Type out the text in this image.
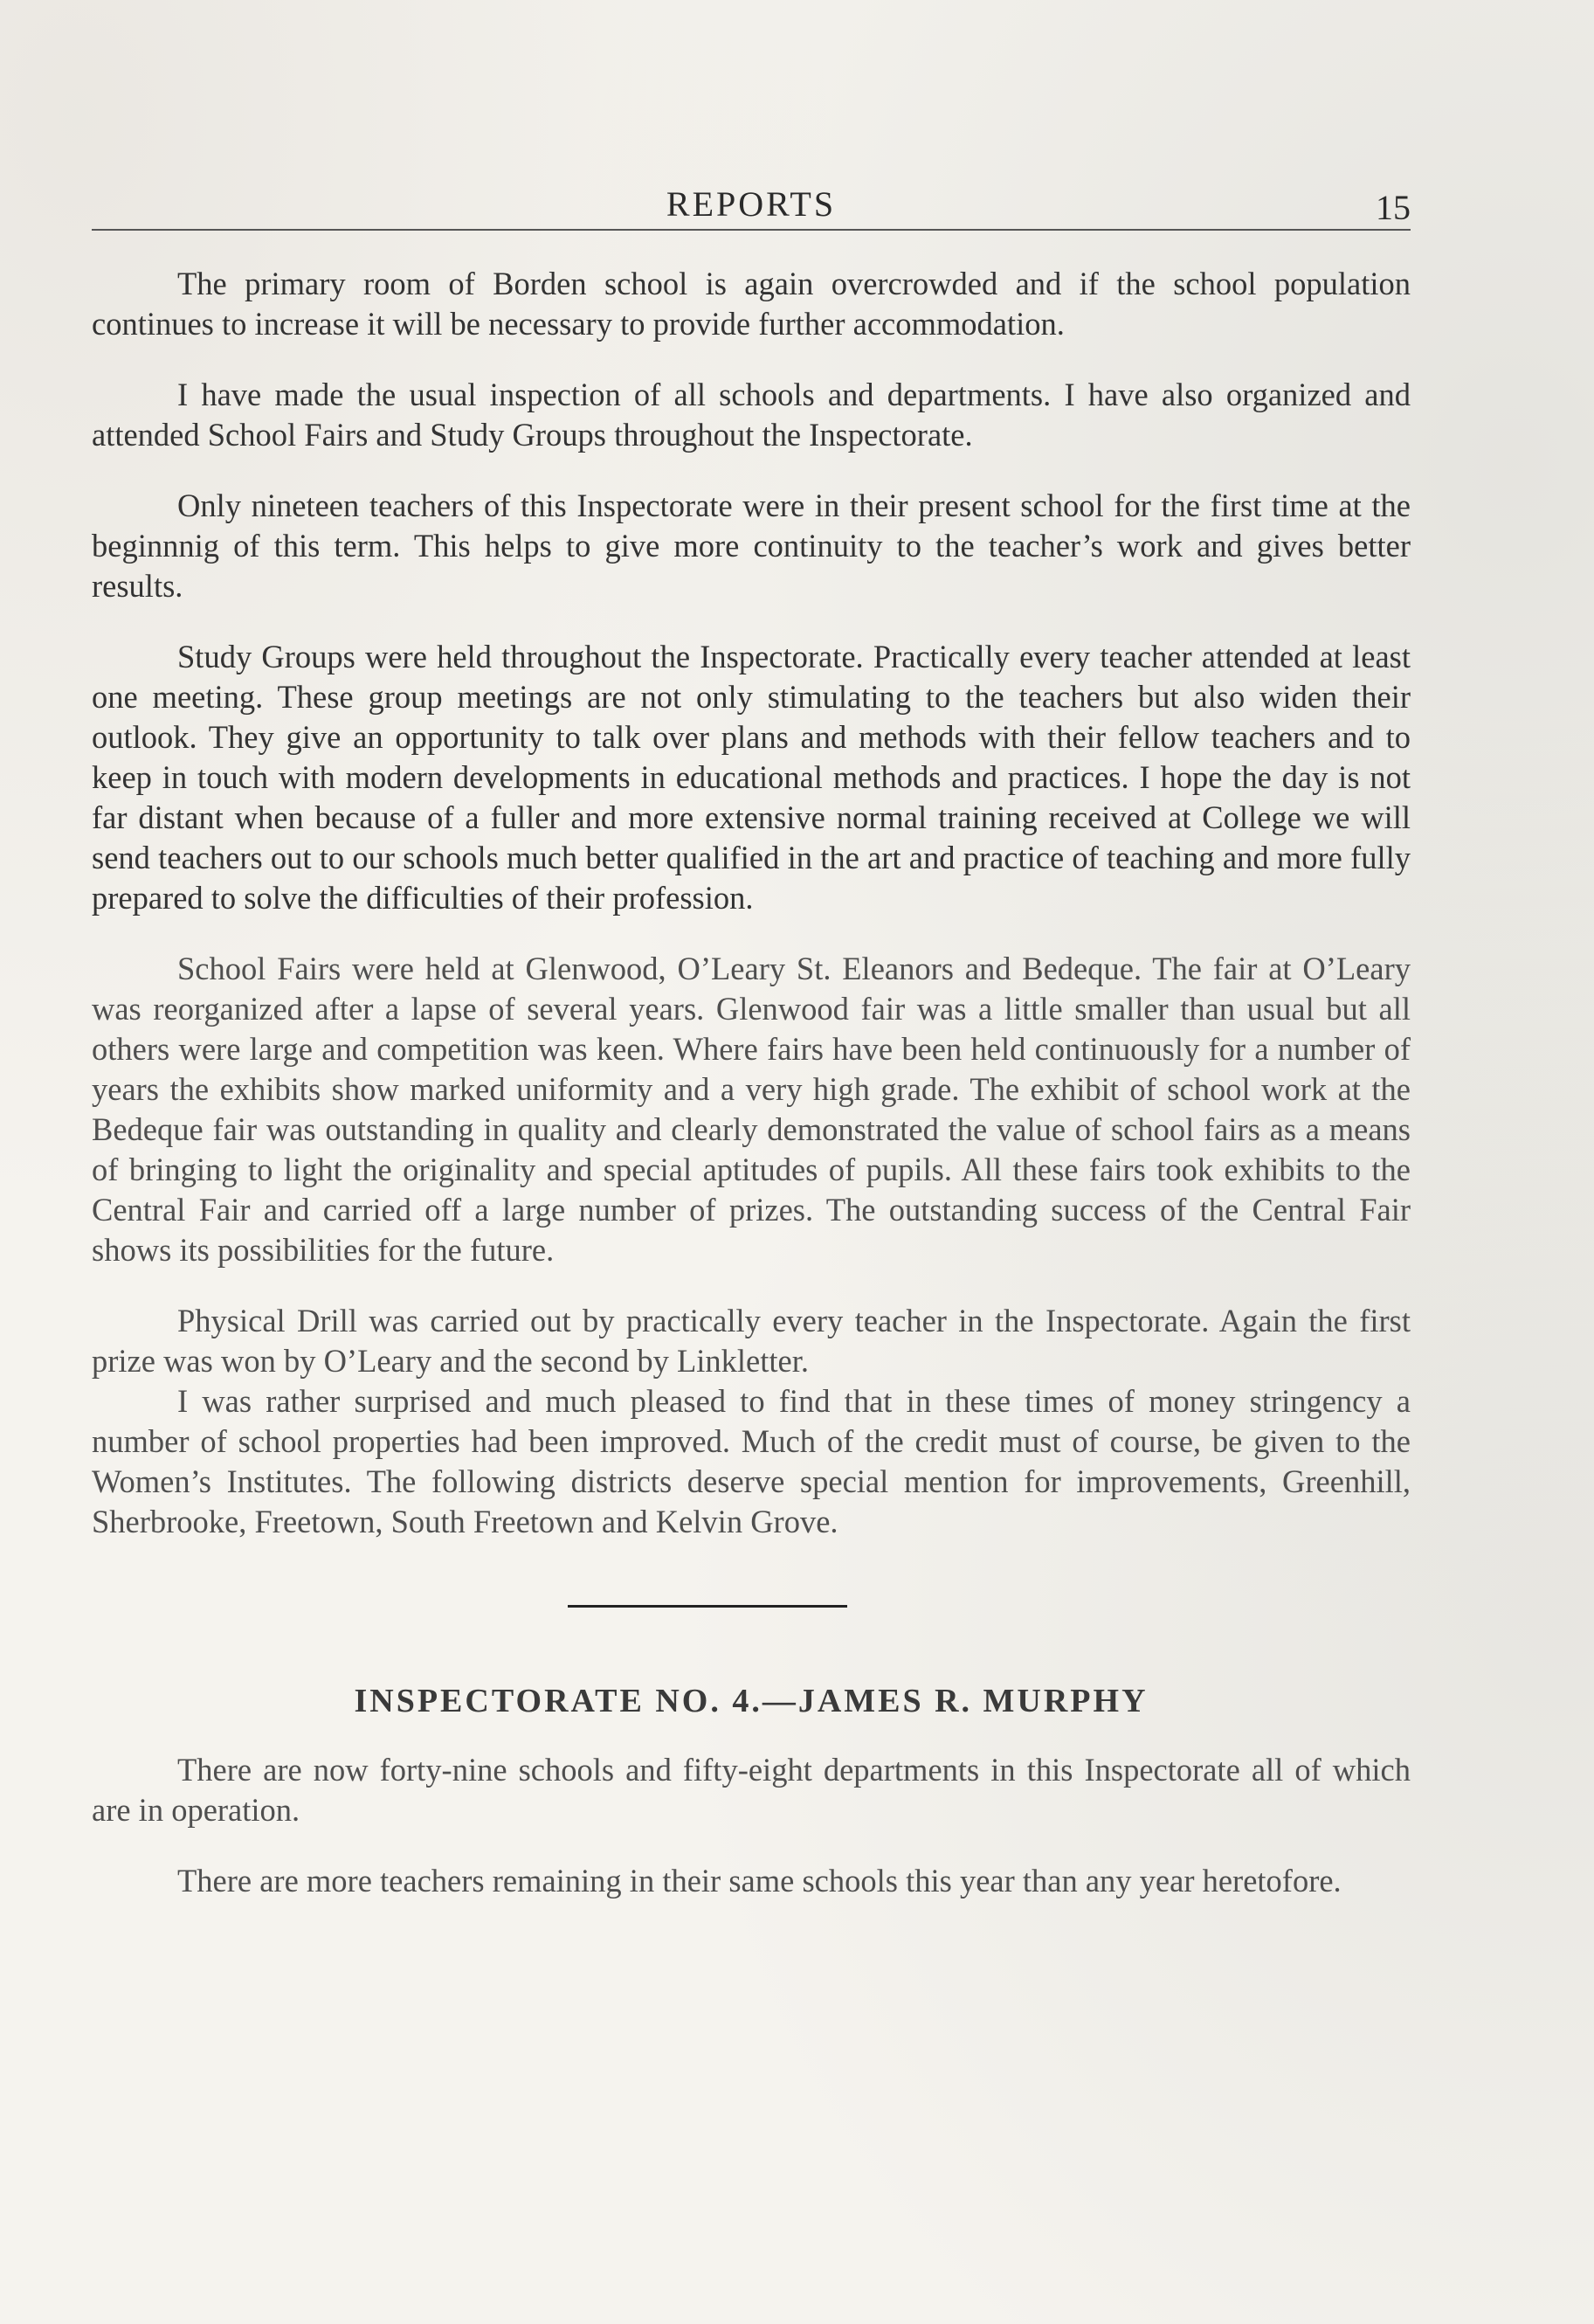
REPORTS	15

The primary room of Borden school is again overcrowded and if the school population continues to increase it will be necessary to provide further accommodation.

I have made the usual inspection of all schools and departments. I have also organized and attended School Fairs and Study Groups throughout the Inspectorate.

Only nineteen teachers of this Inspectorate were in their present school for the first time at the beginnnig of this term. This helps to give more continuity to the teacher’s work and gives better results.

Study Groups were held throughout the Inspectorate. Practically every teacher attended at least one meeting. These group meetings are not only stimulating to the teachers but also widen their outlook. They give an opportunity to talk over plans and methods with their fellow teachers and to keep in touch with modern developments in educational methods and practices. I hope the day is not far distant when because of a fuller and more extensive normal training received at College we will send teachers out to our schools much better qualified in the art and practice of teaching and more fully prepared to solve the difficulties of their profession.

School Fairs were held at Glenwood, O’Leary St. Eleanors and Bedeque. The fair at O’Leary was reorganized after a lapse of several years. Glenwood fair was a little smaller than usual but all others were large and competition was keen. Where fairs have been held continuously for a number of years the exhibits show marked uniformity and a very high grade. The exhibit of school work at the Bedeque fair was outstanding in quality and clearly demonstrated the value of school fairs as a means of bringing to light the originality and special aptitudes of pupils. All these fairs took exhibits to the Central Fair and carried off a large number of prizes. The outstanding success of the Central Fair shows its possibilities for the future.

Physical Drill was carried out by practically every teacher in the Inspectorate. Again the first prize was won by O’Leary and the second by Linkletter.

I was rather surprised and much pleased to find that in these times of money stringency a number of school properties had been improved. Much of the credit must of course, be given to the Women’s Institutes. The following districts deserve special mention for improvements, Greenhill, Sherbrooke, Freetown, South Freetown and Kelvin Grove.

INSPECTORATE NO. 4.—JAMES R. MURPHY

There are now forty-nine schools and fifty-eight departments in this Inspectorate all of which are in operation.

There are more teachers remaining in their same schools this year than any year heretofore.
